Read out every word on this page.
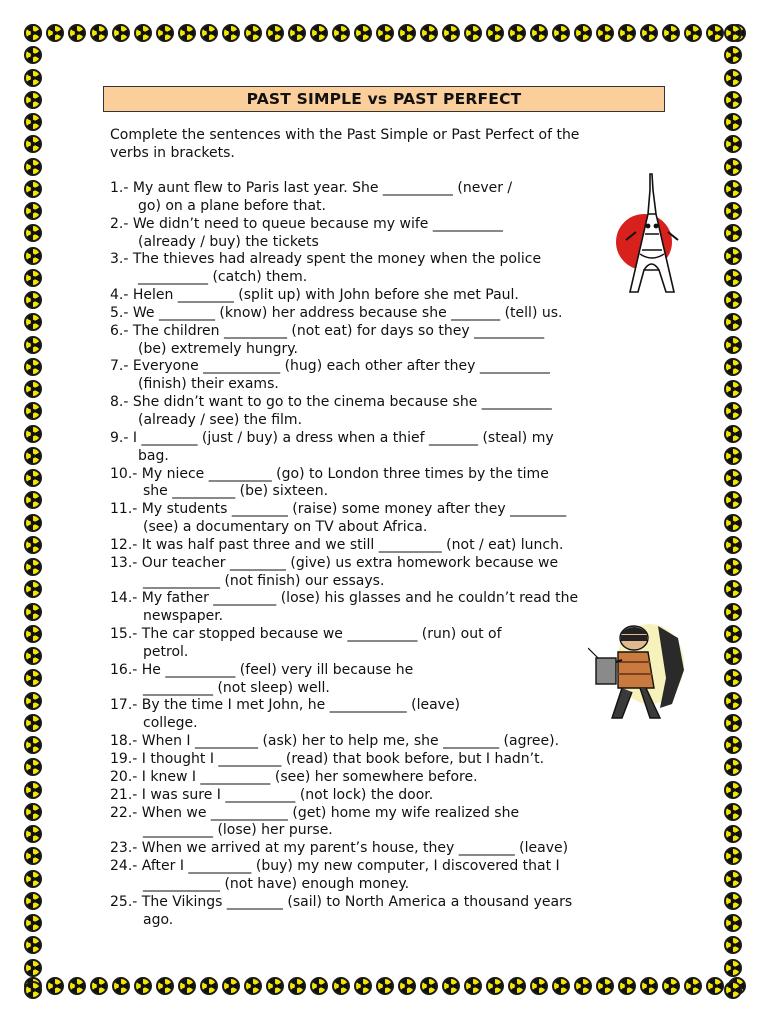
PAST SIMPLE vs PAST PERFECT
Complete the sentences with the Past Simple or Past Perfect of the
verbs in brackets.
1.- My aunt flew to Paris last year. She __________ (never /
go) on a plane before that.
2.- We didn’t need to queue because my wife __________
(already / buy) the tickets
3.- The thieves had already spent the money when the police
__________ (catch) them.
4.- Helen ________ (split up) with John before she met Paul.
5.- We ________ (know) her address because she _______ (tell) us.
6.- The children _________ (not eat) for days so they __________
(be) extremely hungry.
7.- Everyone ___________ (hug) each other after they __________
(finish) their exams.
8.- She didn’t want to go to the cinema because she __________
(already / see) the film.
9.- I ________ (just / buy) a dress when a thief _______ (steal) my
bag.
10.- My niece _________ (go) to London three times by the time
she _________ (be) sixteen.
11.- My students ________ (raise) some money after they ________
(see) a documentary on TV about Africa.
12.- It was half past three and we still _________ (not / eat) lunch.
13.- Our teacher ________ (give) us extra homework because we
___________ (not finish) our essays.
14.- My father _________ (lose) his glasses and he couldn’t read the
newspaper.
15.- The car stopped because we __________ (run) out of
petrol.
16.- He __________ (feel) very ill because he
__________ (not sleep) well.
17.- By the time I met John, he ___________ (leave)
college.
18.- When I _________ (ask) her to help me, she ________ (agree).
19.- I thought I _________ (read) that book before, but I hadn’t.
20.- I knew I __________ (see) her somewhere before.
21.- I was sure I __________ (not lock) the door.
22.- When we ___________ (get) home my wife realized she
__________ (lose) her purse.
23.- When we arrived at my parent’s house, they ________ (leave)
24.- After I _________ (buy) my new computer, I discovered that I
___________ (not have) enough money.
25.- The Vikings ________ (sail) to North America a thousand years
ago.
